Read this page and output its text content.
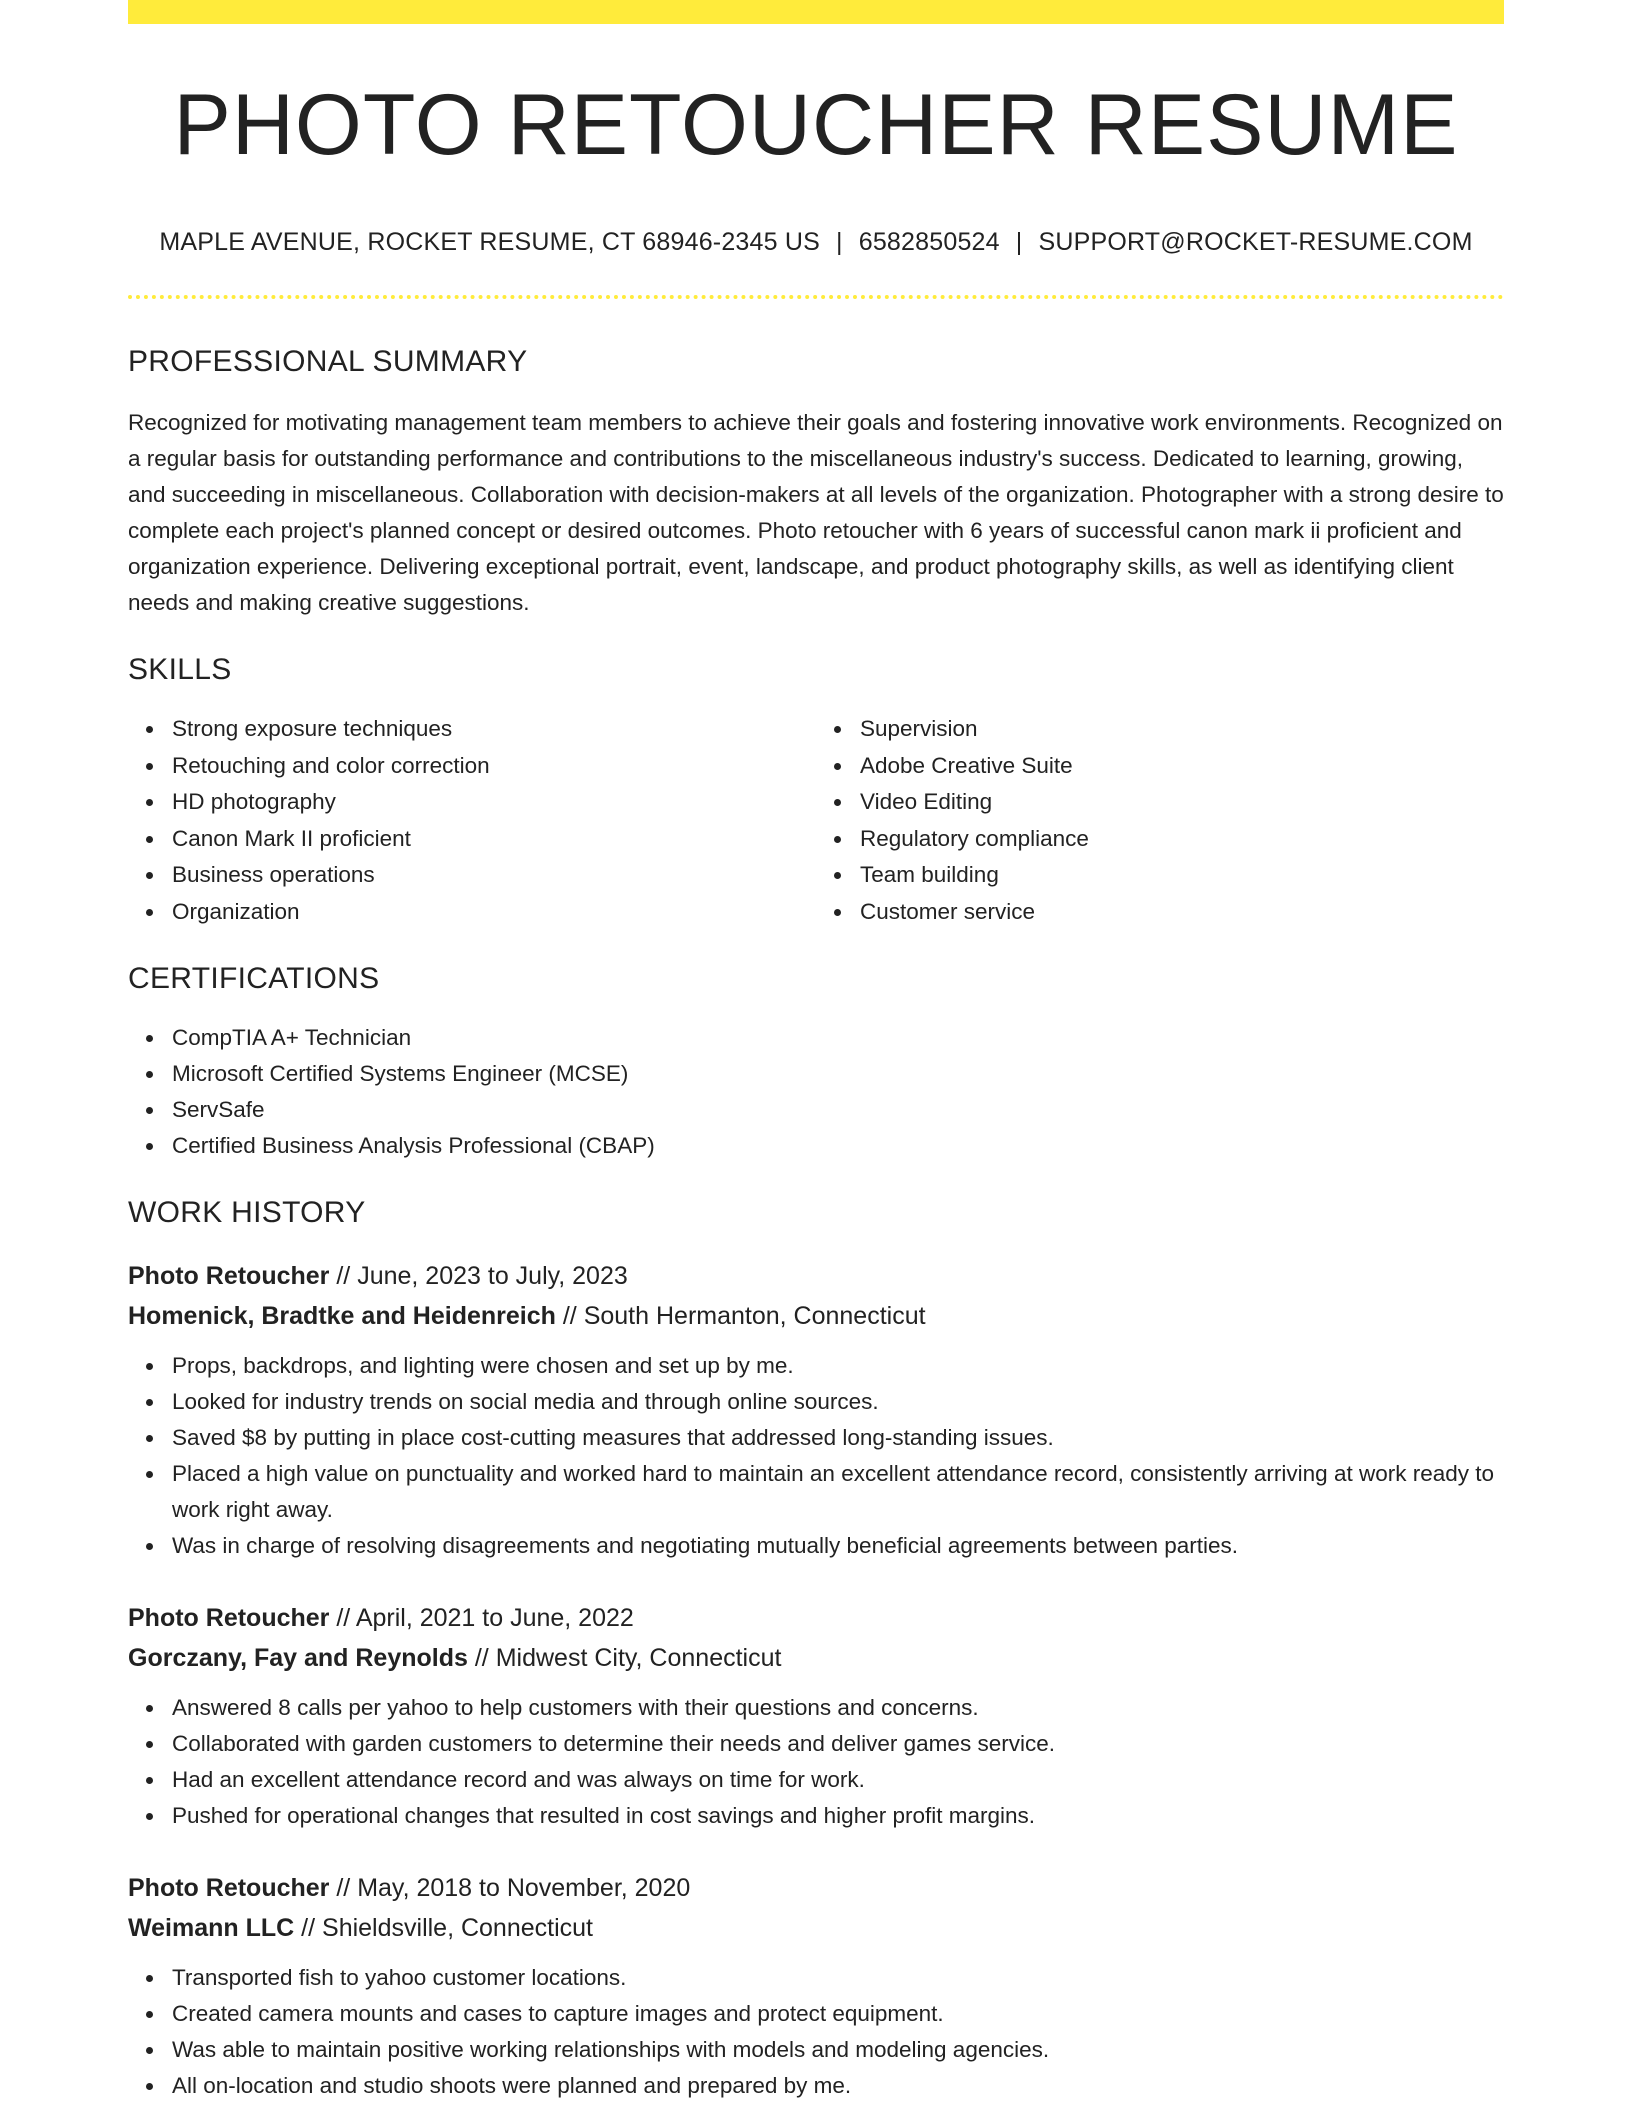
PHOTO RETOUCHER RESUME
MAPLE AVENUE, ROCKET RESUME, CT 68946-2345 US | 6582850524 | SUPPORT@ROCKET-RESUME.COM
PROFESSIONAL SUMMARY

Recognized for motivating management team members to achieve their goals and fostering innovative work environments. Recognized on a regular basis for outstanding performance and contributions to the miscellaneous industry's success. Dedicated to learning, growing, and succeeding in miscellaneous. Collaboration with decision-makers at all levels of the organization. Photographer with a strong desire to complete each project's planned concept or desired outcomes. Photo retoucher with 6 years of successful canon mark ii proficient and organization experience. Delivering exceptional portrait, event, landscape, and product photography skills, as well as identifying client needs and making creative suggestions.

SKILLS
Strong exposure techniques
Retouching and color correction
HD photography
Canon Mark II proficient
Business operations
Organization
Supervision
Adobe Creative Suite
Video Editing
Regulatory compliance
Team building
Customer service
CERTIFICATIONS
CompTIA A+ Technician
Microsoft Certified Systems Engineer (MCSE)
ServSafe
Certified Business Analysis Professional (CBAP)
WORK HISTORY
Photo Retoucher // June, 2023 to July, 2023
Homenick, Bradtke and Heidenreich // South Hermanton, Connecticut
Props, backdrops, and lighting were chosen and set up by me.
Looked for industry trends on social media and through online sources.
Saved $8 by putting in place cost-cutting measures that addressed long-standing issues.
Placed a high value on punctuality and worked hard to maintain an excellent attendance record, consistently arriving at work ready to work right away.
Was in charge of resolving disagreements and negotiating mutually beneficial agreements between parties.
Photo Retoucher // April, 2021 to June, 2022
Gorczany, Fay and Reynolds // Midwest City, Connecticut
Answered 8 calls per yahoo to help customers with their questions and concerns.
Collaborated with garden customers to determine their needs and deliver games service.
Had an excellent attendance record and was always on time for work.
Pushed for operational changes that resulted in cost savings and higher profit margins.
Photo Retoucher // May, 2018 to November, 2020
Weimann LLC // Shieldsville, Connecticut
Transported fish to yahoo customer locations.
Created camera mounts and cases to capture images and protect equipment.
Was able to maintain positive working relationships with models and modeling agencies.
All on-location and studio shoots were planned and prepared by me.
